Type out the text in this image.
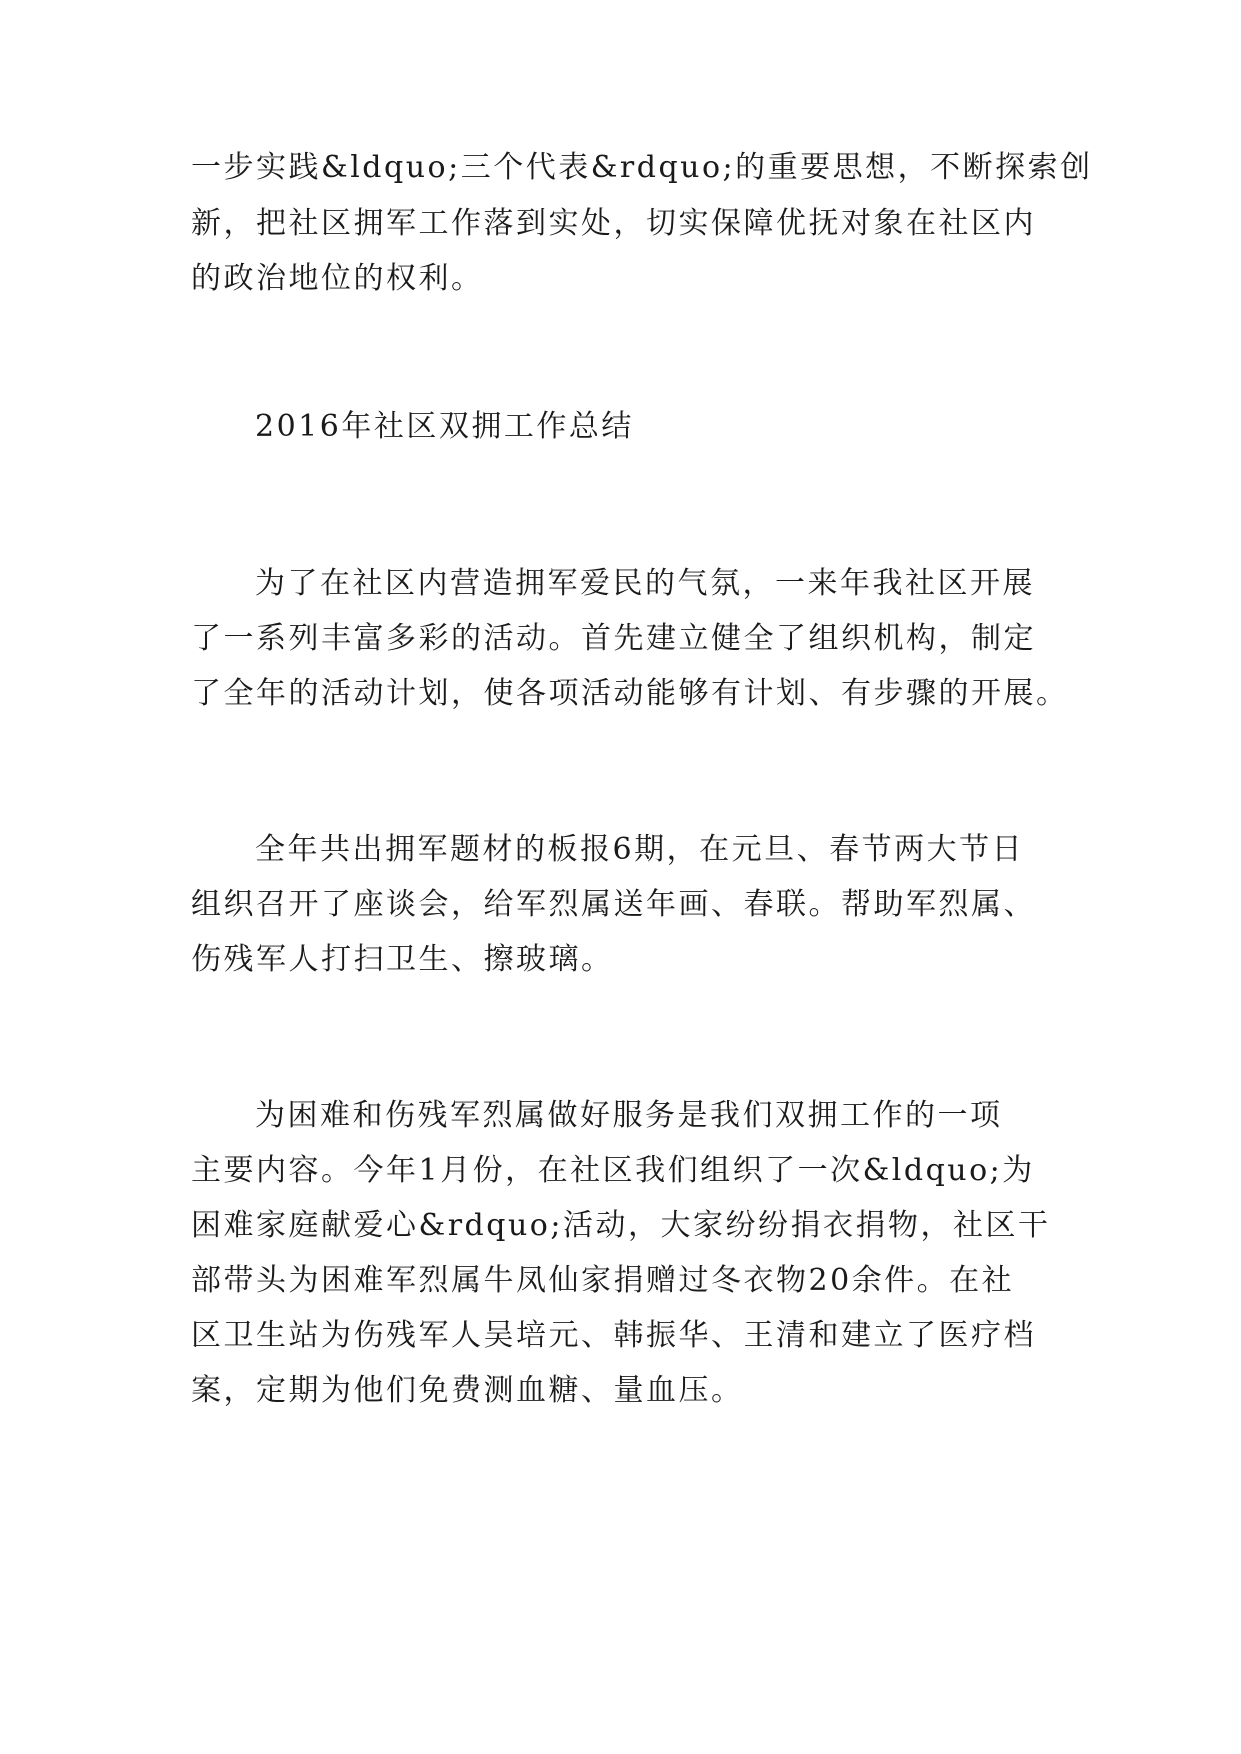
一步实践&ldquo;三个代表&rdquo;的重要思想，不断探索创
新，把社区拥军工作落到实处，切实保障优抚对象在社区内
的政治地位的权利。
2016年社区双拥工作总结
为了在社区内营造拥军爱民的气氛，一来年我社区开展
了一系列丰富多彩的活动。首先建立健全了组织机构，制定
了全年的活动计划，使各项活动能够有计划、有步骤的开展。
全年共出拥军题材的板报6期，在元旦、春节两大节日
组织召开了座谈会，给军烈属送年画、春联。帮助军烈属、
伤残军人打扫卫生、擦玻璃。
为困难和伤残军烈属做好服务是我们双拥工作的一项
主要内容。今年1月份，在社区我们组织了一次&ldquo;为
困难家庭献爱心&rdquo;活动，大家纷纷捐衣捐物，社区干
部带头为困难军烈属牛凤仙家捐赠过冬衣物20余件。在社
区卫生站为伤残军人吴培元、韩振华、王清和建立了医疗档
案，定期为他们免费测血糖、量血压。
